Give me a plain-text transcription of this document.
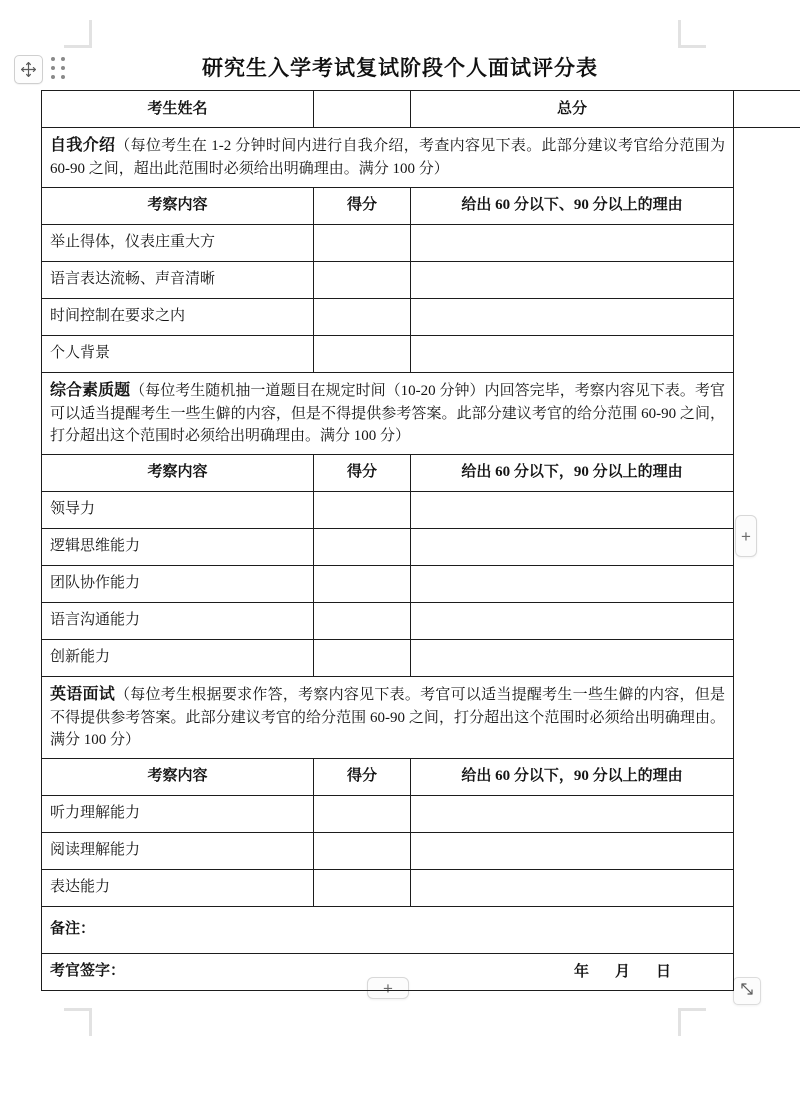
+
+
研究生入学考试复试阶段个人面试评分表
考生姓名		总分	
自我介绍（每位考生在 1-2 分钟时间内进行自我介绍，考查内容见下表。此部分建议考官给分范围为 60-90 之间，超出此范围时必须给出明确理由。满分 100 分）			
考察内容	得分	给出 60 分以下、90 分以上的理由	
举止得体，仪表庄重大方			
语言表达流畅、声音清晰			
时间控制在要求之内			
个人背景			
综合素质题（每位考生随机抽一道题目在规定时间（10-20 分钟）内回答完毕，考察内容见下表。考官可以适当提醒考生一些生僻的内容，但是不得提供参考答案。此部分建议考官的给分范围 60-90 之间，打分超出这个范围时必须给出明确理由。满分 100 分）			
考察内容	得分	给出 60 分以下，90 分以上的理由	
领导力			
逻辑思维能力			
团队协作能力			
语言沟通能力			
创新能力			
英语面试（每位考生根据要求作答，考察内容见下表。考官可以适当提醒考生一些生僻的内容，但是不得提供参考答案。此部分建议考官的给分范围 60-90 之间，打分超出这个范围时必须给出明确理由。满分 100 分）			
考察内容	得分	给出 60 分以下，90 分以上的理由	
听力理解能力			
阅读理解能力			
表达能力			
备注：			
考官签字： 年月日			
